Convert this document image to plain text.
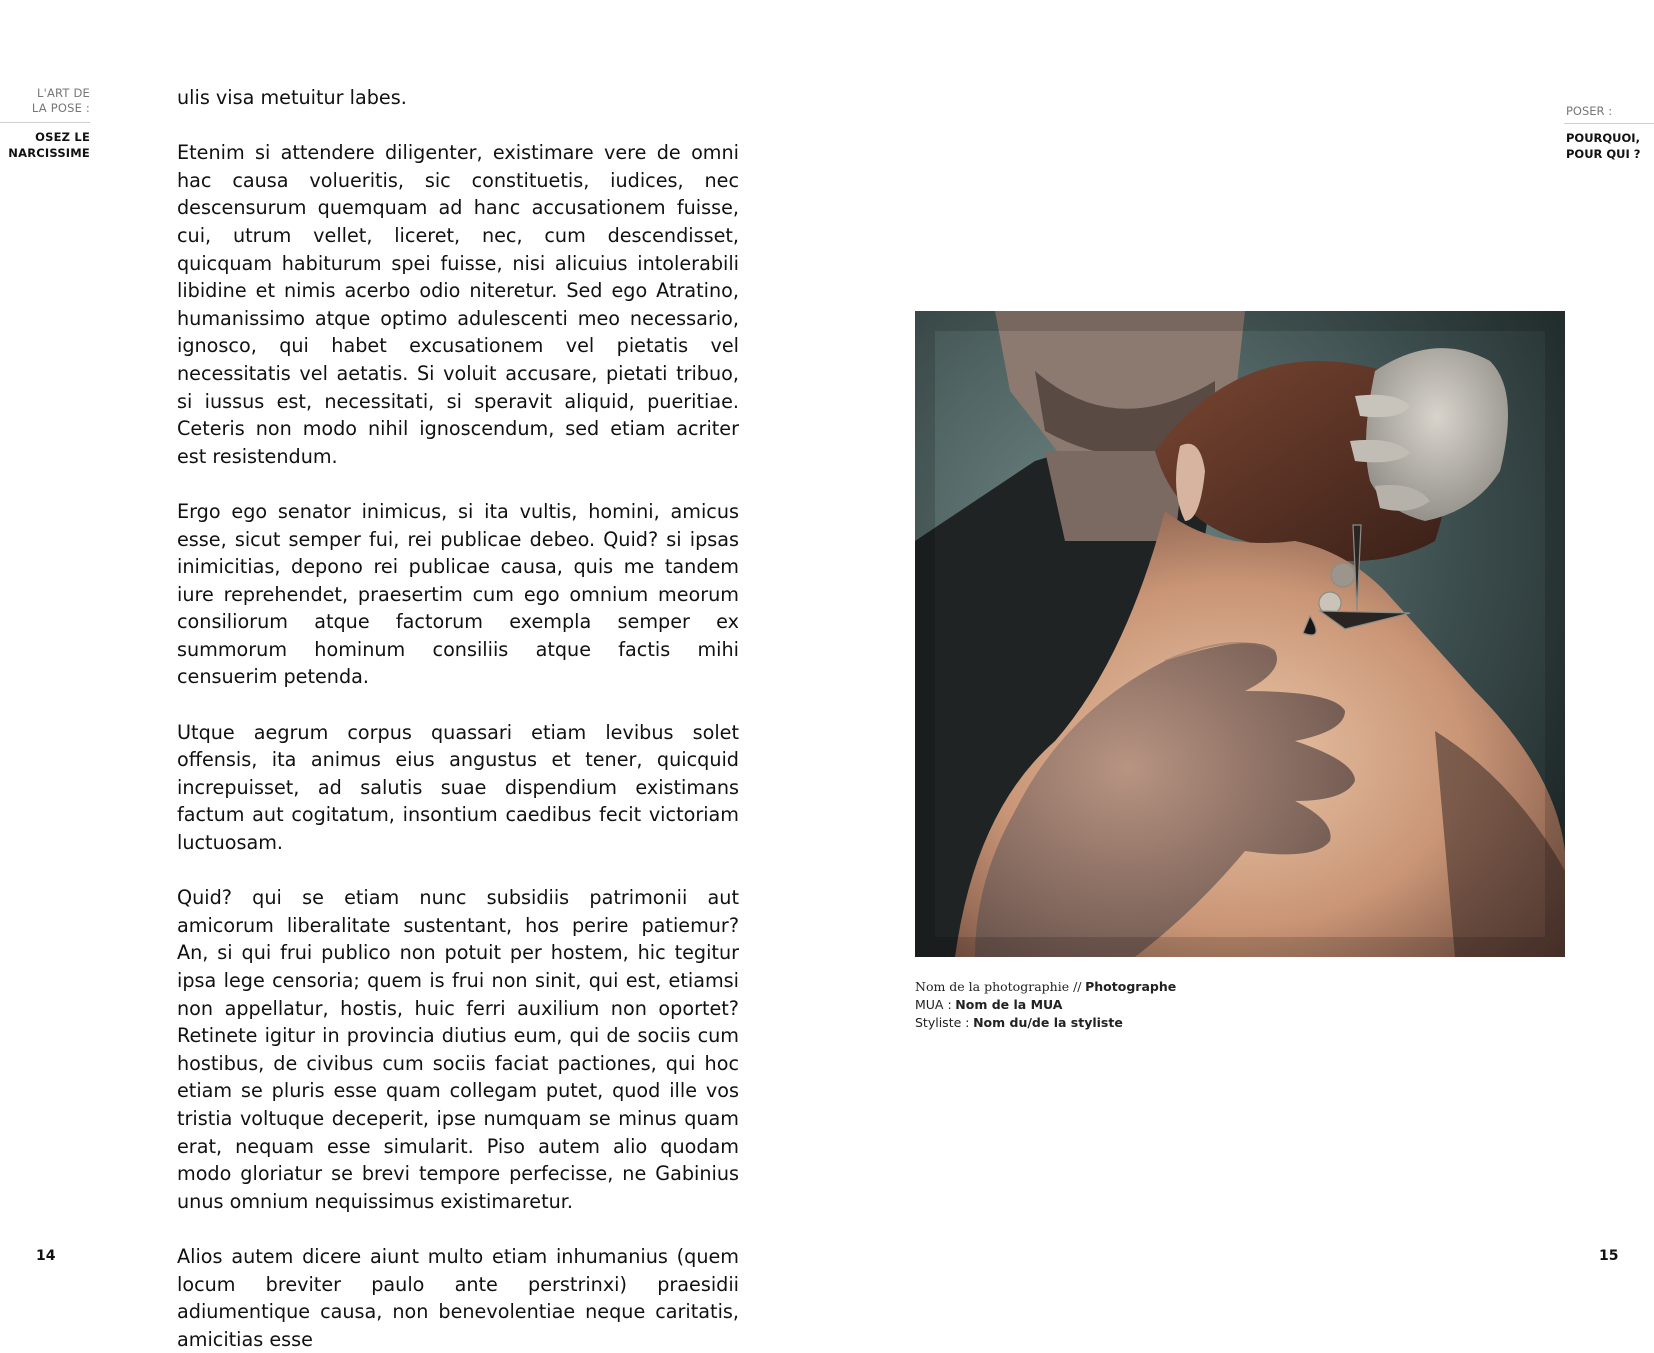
L'ART DE
LA POSE :
OSEZ LE
NARCISSIME

ulis visa metuitur labes.

Etenim si attendere diligenter, existimare vere de omni hac causa volueritis, sic constituetis, iudices, nec descensurum quemquam ad hanc accusationem fuisse, cui, utrum vellet, liceret, nec, cum descendisset, quicquam habiturum spei fuisse, nisi alicuius intolerabili libidine et nimis acerbo odio niteretur. Sed ego Atratino, humanissimo atque optimo adulescenti meo necessario, ignosco, qui habet excusationem vel pietatis vel necessitatis vel aetatis. Si voluit accusare, pietati tribuo, si iussus est, necessitati, si speravit aliquid, pueritiae. Ceteris non modo nihil ignoscendum, sed etiam acriter est resistendum.

Ergo ego senator inimicus, si ita vultis, homini, amicus esse, sicut semper fui, rei publicae debeo. Quid? si ipsas inimicitias, depono rei publicae causa, quis me tandem iure reprehendet, praesertim cum ego omnium meorum consiliorum atque factorum exempla semper ex summorum hominum consiliis atque factis mihi censuerim petenda.

Utque aegrum corpus quassari etiam levibus solet offensis, ita animus eius angustus et tener, quicquid increpuisset, ad salutis suae dispendium existimans factum aut cogitatum, insontium caedibus fecit victoriam luctuosam.

Quid? qui se etiam nunc subsidiis patrimonii aut amicorum liberalitate sustentant, hos perire patiemur? An, si qui frui publico non potuit per hostem, hic tegitur ipsa lege censoria; quem is frui non sinit, qui est, etiamsi non appellatur, hostis, huic ferri auxilium non oportet? Retinete igitur in provincia diutius eum, qui de sociis cum hostibus, de civibus cum sociis faciat pactiones, qui hoc etiam se pluris esse quam collegam putet, quod ille vos tristia voltuque deceperit, ipse numquam se minus quam erat, nequam esse simularit. Piso autem alio quodam modo gloriatur se brevi tempore perfecisse, ne Gabinius unus omnium nequissimus existimaretur.

Alios autem dicere aiunt multo etiam inhumanius (quem locum breviter paulo ante perstrinxi) praesidii adiumentique causa, non benevolentiae neque caritatis, amicitias esse

14
POSER :
POURQUOI,
POUR QUI ?
Nom de la photographie // Photographe
MUA : Nom de la MUA
Styliste : Nom du/de la styliste
15
